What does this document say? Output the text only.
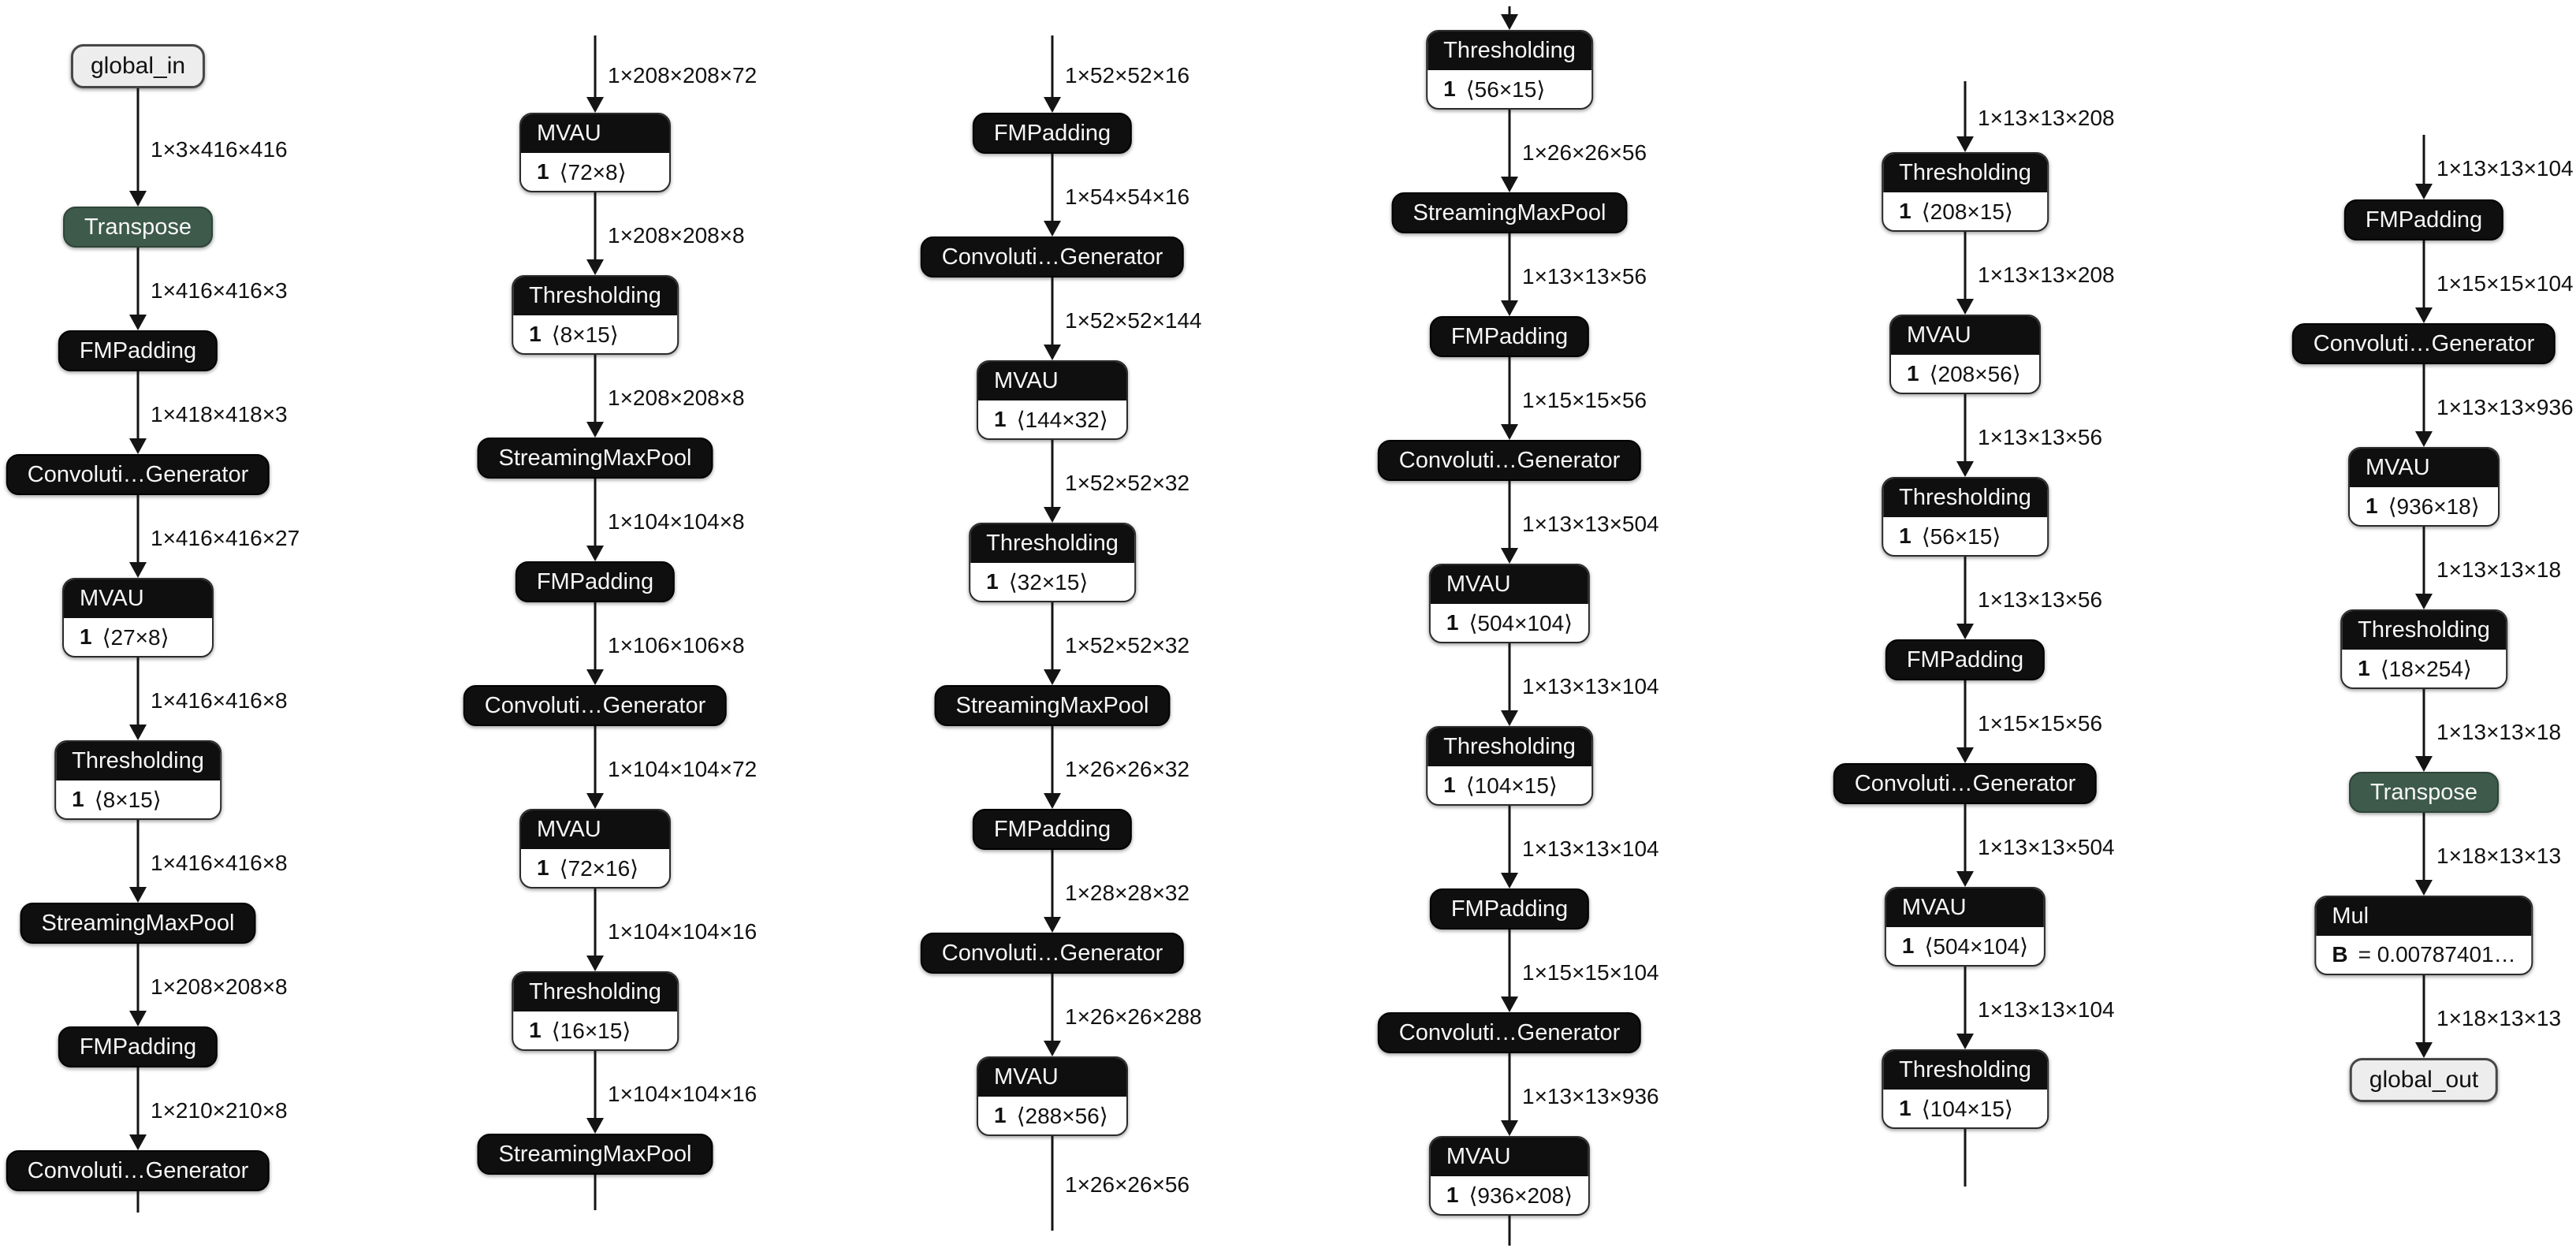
global_in
1×3×416×416
Transpose
1×416×416×3
FMPadding
1×418×418×3
Convoluti…Generator
1×416×416×27
MVAU
1 ⟨27×8⟩
1×416×416×8
Thresholding
1 ⟨8×15⟩
1×416×416×8
StreamingMaxPool
1×208×208×8
FMPadding
1×210×210×8
Convoluti…Generator
1×208×208×72
MVAU
1 ⟨72×8⟩
1×208×208×8
Thresholding
1 ⟨8×15⟩
1×208×208×8
StreamingMaxPool
1×104×104×8
FMPadding
1×106×106×8
Convoluti…Generator
1×104×104×72
MVAU
1 ⟨72×16⟩
1×104×104×16
Thresholding
1 ⟨16×15⟩
1×104×104×16
StreamingMaxPool
1×52×52×16
FMPadding
1×54×54×16
Convoluti…Generator
1×52×52×144
MVAU
1 ⟨144×32⟩
1×52×52×32
Thresholding
1 ⟨32×15⟩
1×52×52×32
StreamingMaxPool
1×26×26×32
FMPadding
1×28×28×32
Convoluti…Generator
1×26×26×288
MVAU
1 ⟨288×56⟩
1×26×26×56
Thresholding
1 ⟨56×15⟩
1×26×26×56
StreamingMaxPool
1×13×13×56
FMPadding
1×15×15×56
Convoluti…Generator
1×13×13×504
MVAU
1 ⟨504×104⟩
1×13×13×104
Thresholding
1 ⟨104×15⟩
1×13×13×104
FMPadding
1×15×15×104
Convoluti…Generator
1×13×13×936
MVAU
1 ⟨936×208⟩
1×13×13×208
Thresholding
1 ⟨208×15⟩
1×13×13×208
MVAU
1 ⟨208×56⟩
1×13×13×56
Thresholding
1 ⟨56×15⟩
1×13×13×56
FMPadding
1×15×15×56
Convoluti…Generator
1×13×13×504
MVAU
1 ⟨504×104⟩
1×13×13×104
Thresholding
1 ⟨104×15⟩
1×13×13×104
FMPadding
1×15×15×104
Convoluti…Generator
1×13×13×936
MVAU
1 ⟨936×18⟩
1×13×13×18
Thresholding
1 ⟨18×254⟩
1×13×13×18
Transpose
1×18×13×13
Mul
B = 0.00787401…
1×18×13×13
global_out
